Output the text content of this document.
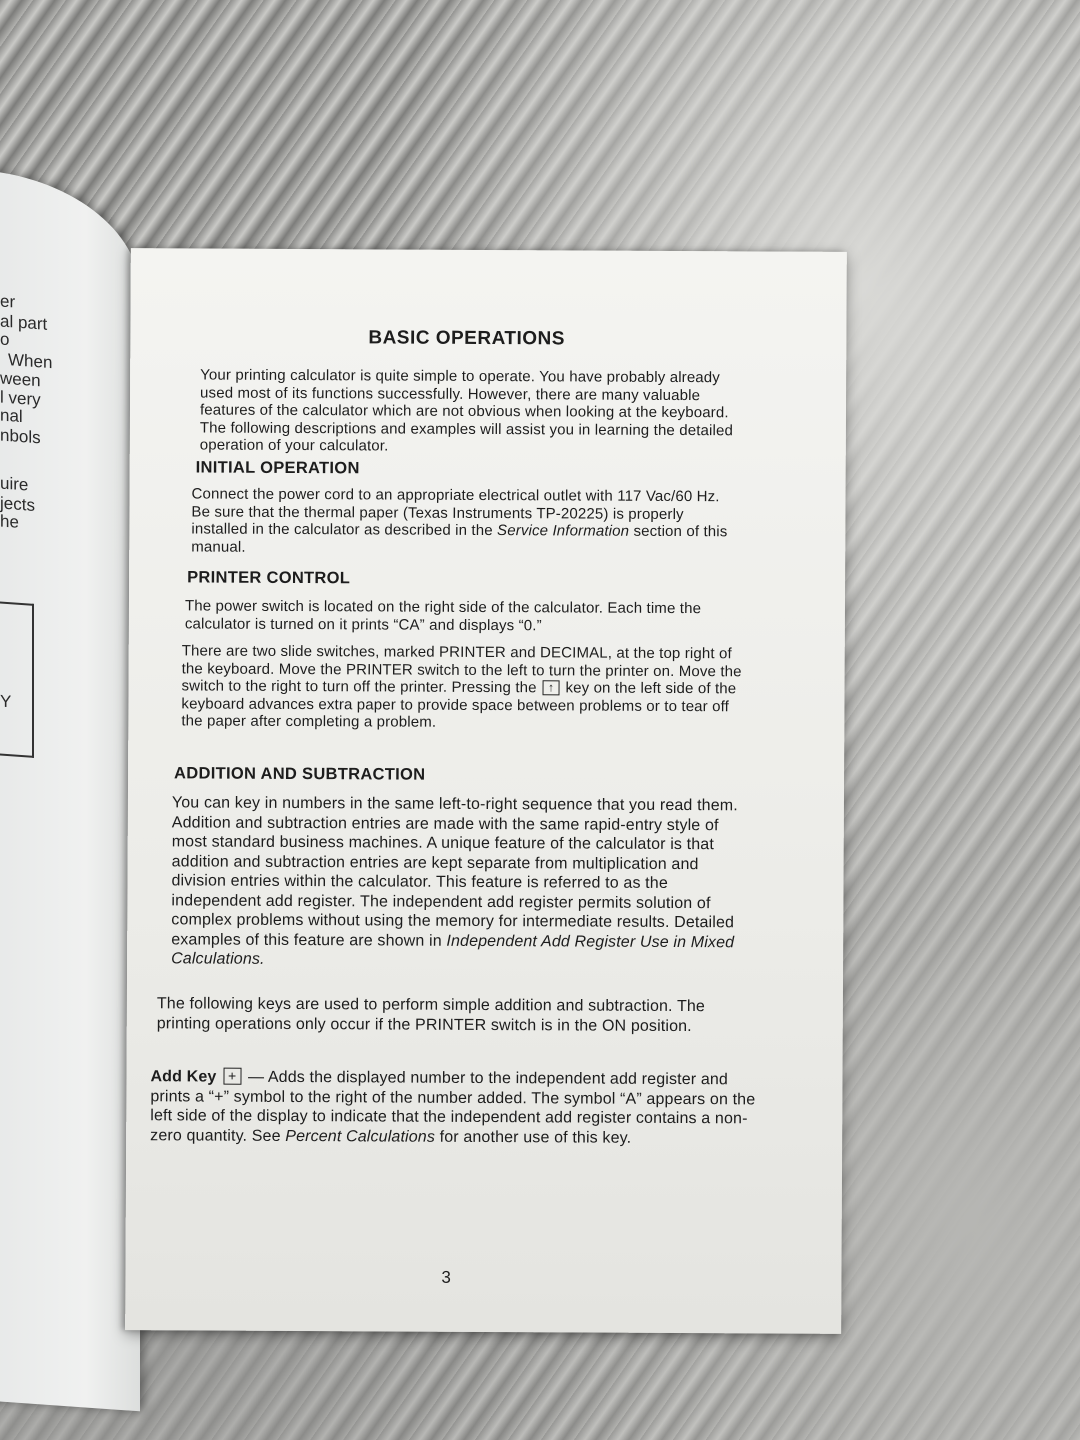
er
al part
o
When
ween
l very
nal
nbols
uire
jects
he
Y
BASIC OPERATIONS
Your printing calculator is quite simple to operate. You have probably already used most of its functions successfully. However, there are many valuable features of the calculator which are not obvious when looking at the keyboard. The following descriptions and examples will assist you in learning the detailed operation of your calculator.
INITIAL OPERATION
Connect the power cord to an appropriate electrical outlet with 117 Vac/60 Hz. Be sure that the thermal paper (Texas Instruments TP-20225) is properly installed in the calculator as described in the Service Information section of this manual.
PRINTER CONTROL
The power switch is located on the right side of the calculator. Each time the calculator is turned on it prints “CA” and displays “0.”
There are two slide switches, marked PRINTER and DECIMAL, at the top right of the keyboard. Move the PRINTER switch to the left to turn the printer on. Move the switch to the right to turn off the printer. Pressing the ↑ key on the left side of the keyboard advances extra paper to provide space between problems or to tear off the paper after completing a problem.
ADDITION AND SUBTRACTION
You can key in numbers in the same left-to-right sequence that you read them. Addition and subtraction entries are made with the same rapid-entry style of most standard business machines. A unique feature of the calculator is that addition and subtraction entries are kept separate from multiplication and division entries within the calculator. This feature is referred to as the independent add register. The independent add register permits solution of complex problems without using the memory for intermediate results. Detailed examples of this feature are shown in Independent Add Register Use in Mixed Calculations.
The following keys are used to perform simple addition and subtraction. The printing operations only occur if the PRINTER switch is in the ON position.
Add Key + — Adds the displayed number to the independent add register and prints a “+” symbol to the right of the number added. The symbol “A” appears on the left side of the display to indicate that the independent add register contains a non-zero quantity. See Percent Calculations for another use of this key.
3
